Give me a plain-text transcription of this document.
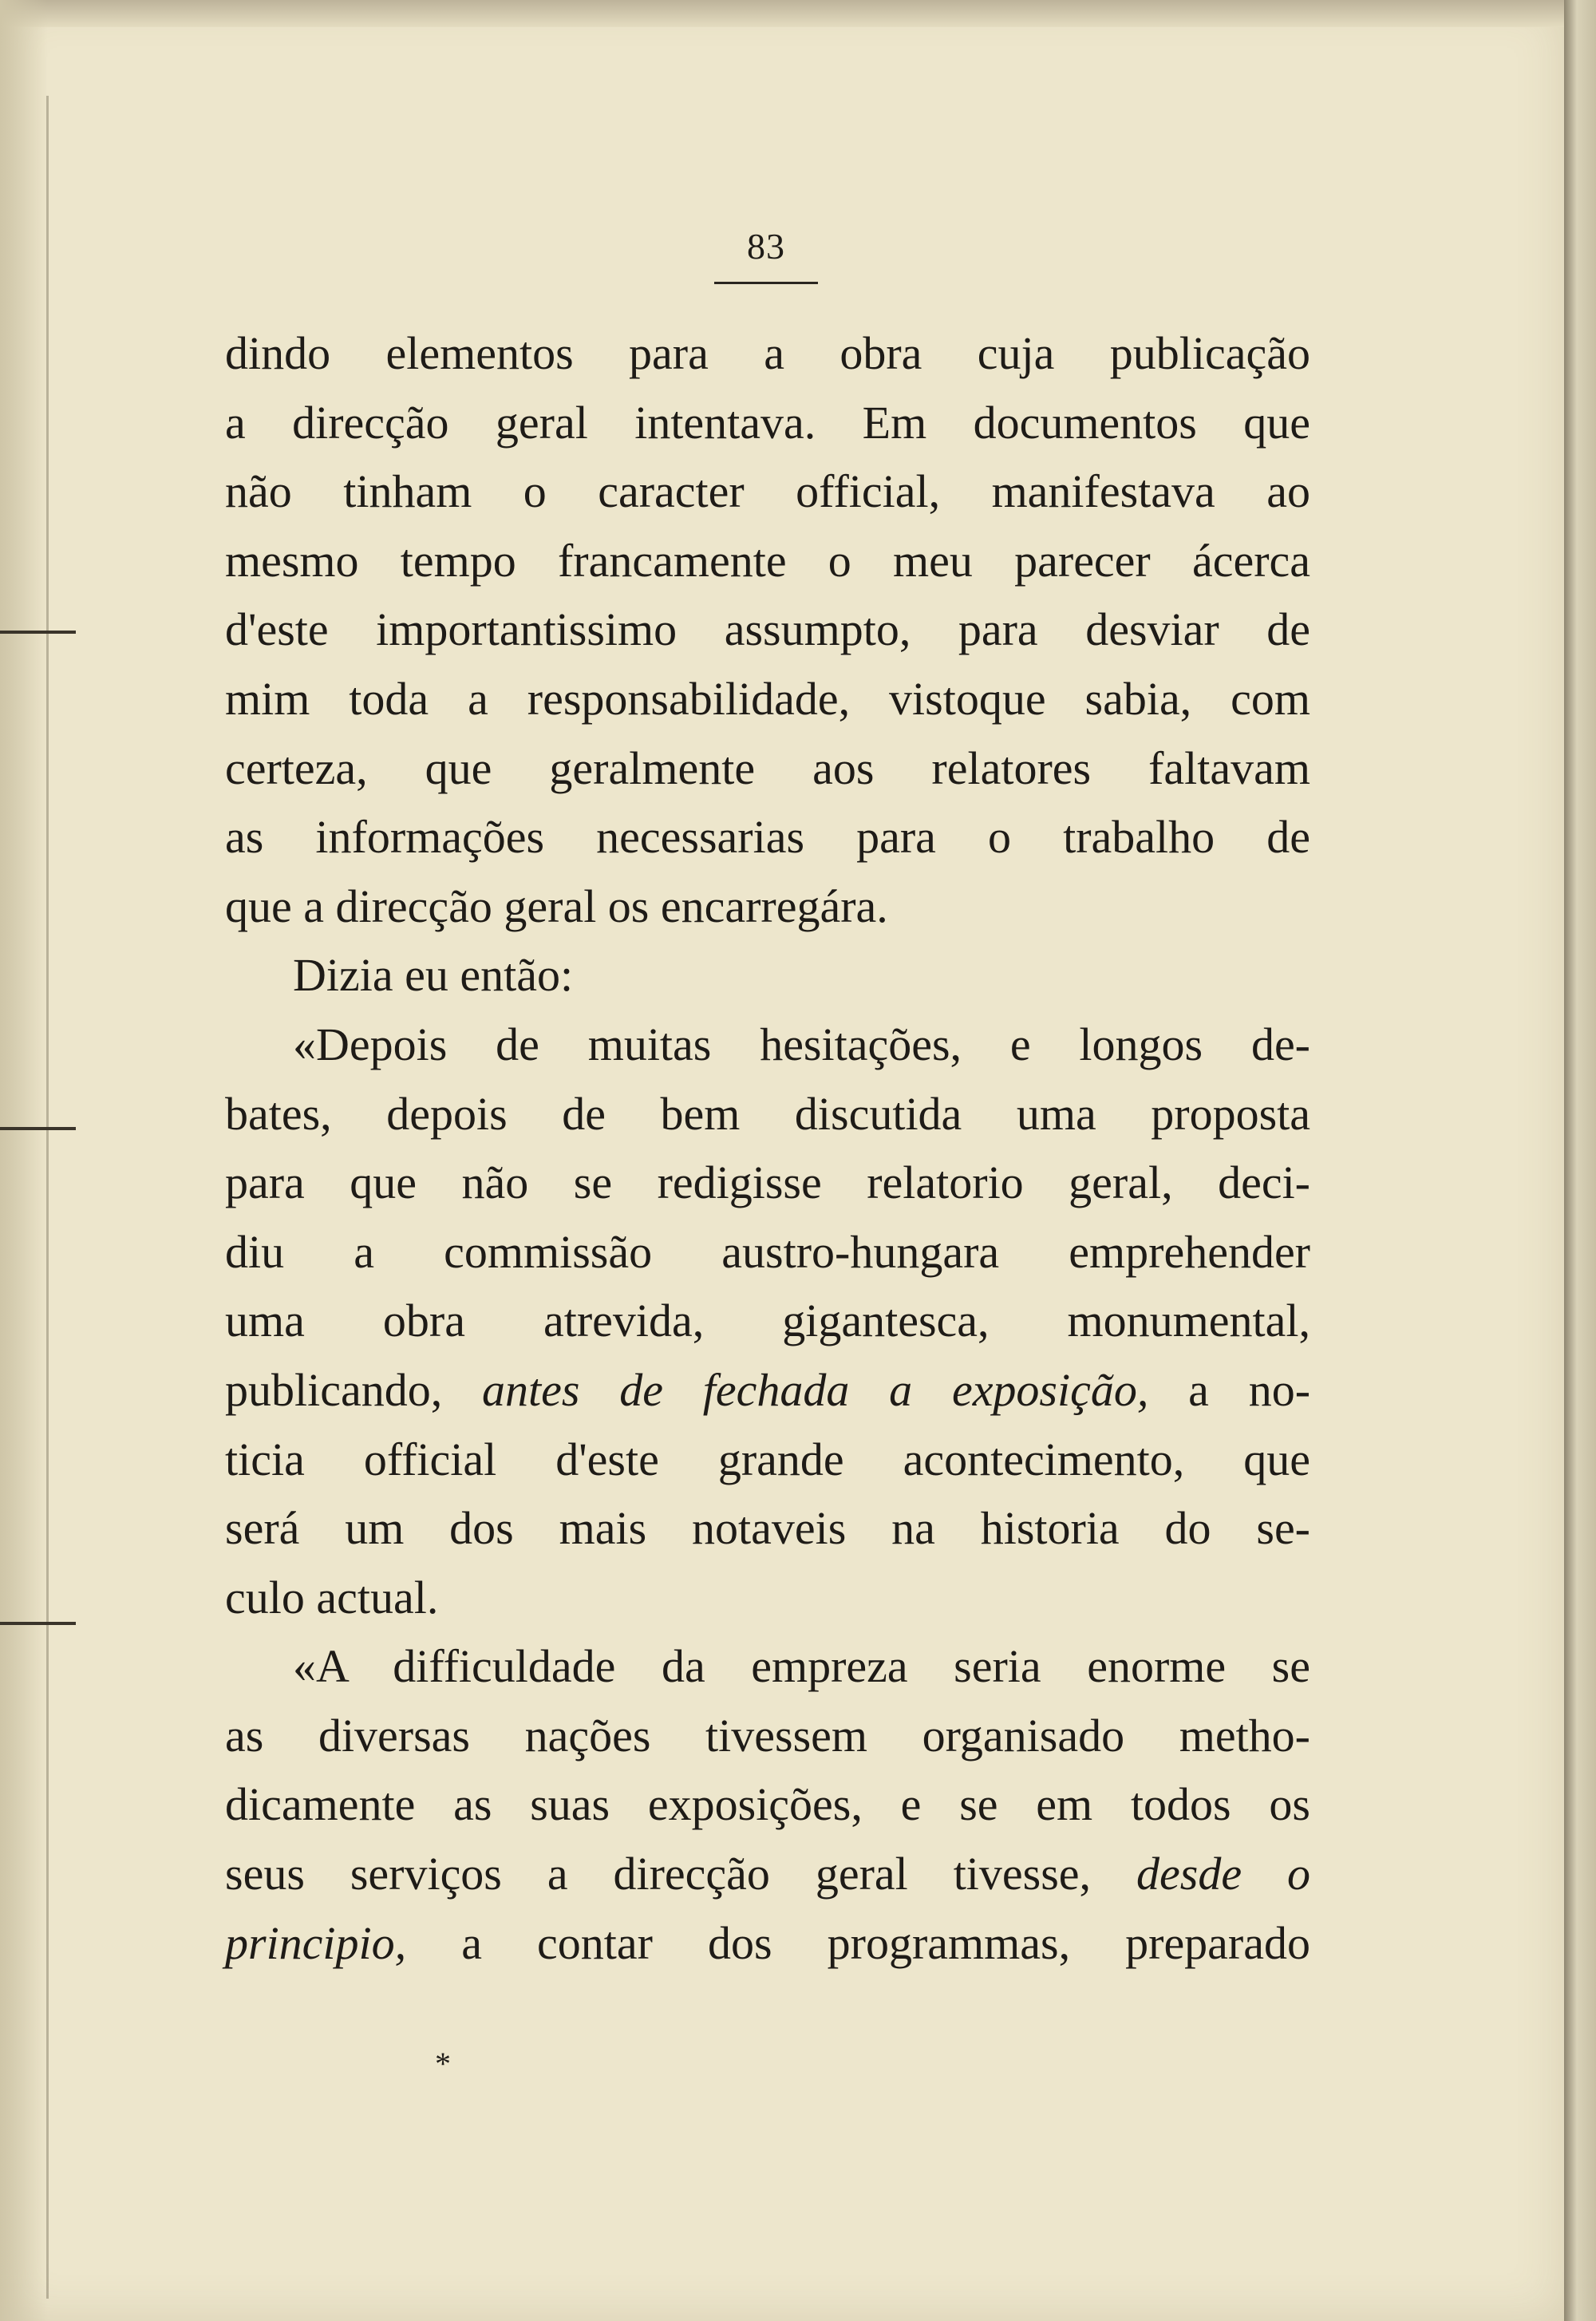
83
dindo elementos para a obra cuja publicação
a direcção geral intentava. Em documentos que
não tinham o caracter official, manifestava ao
mesmo tempo francamente o meu parecer ácerca
d'este importantissimo assumpto, para desviar de
mim toda a responsabilidade, vistoque sabia, com
certeza, que geralmente aos relatores faltavam
as informações necessarias para o trabalho de
que a direcção geral os encarregára.
Dizia eu então:
«Depois de muitas hesitações, e longos de-
bates, depois de bem discutida uma proposta
para que não se redigisse relatorio geral, deci-
diu a commissão austro-hungara emprehender
uma obra atrevida, gigantesca, monumental,
publicando, antes de fechada a exposição, a no-
ticia official d'este grande acontecimento, que
será um dos mais notaveis na historia do se-
culo actual.
«A difficuldade da empreza seria enorme se
as diversas nações tivessem organisado metho-
dicamente as suas exposições, e se em todos os
seus serviços a direcção geral tivesse, desde o
principio, a contar dos programmas, preparado
*
